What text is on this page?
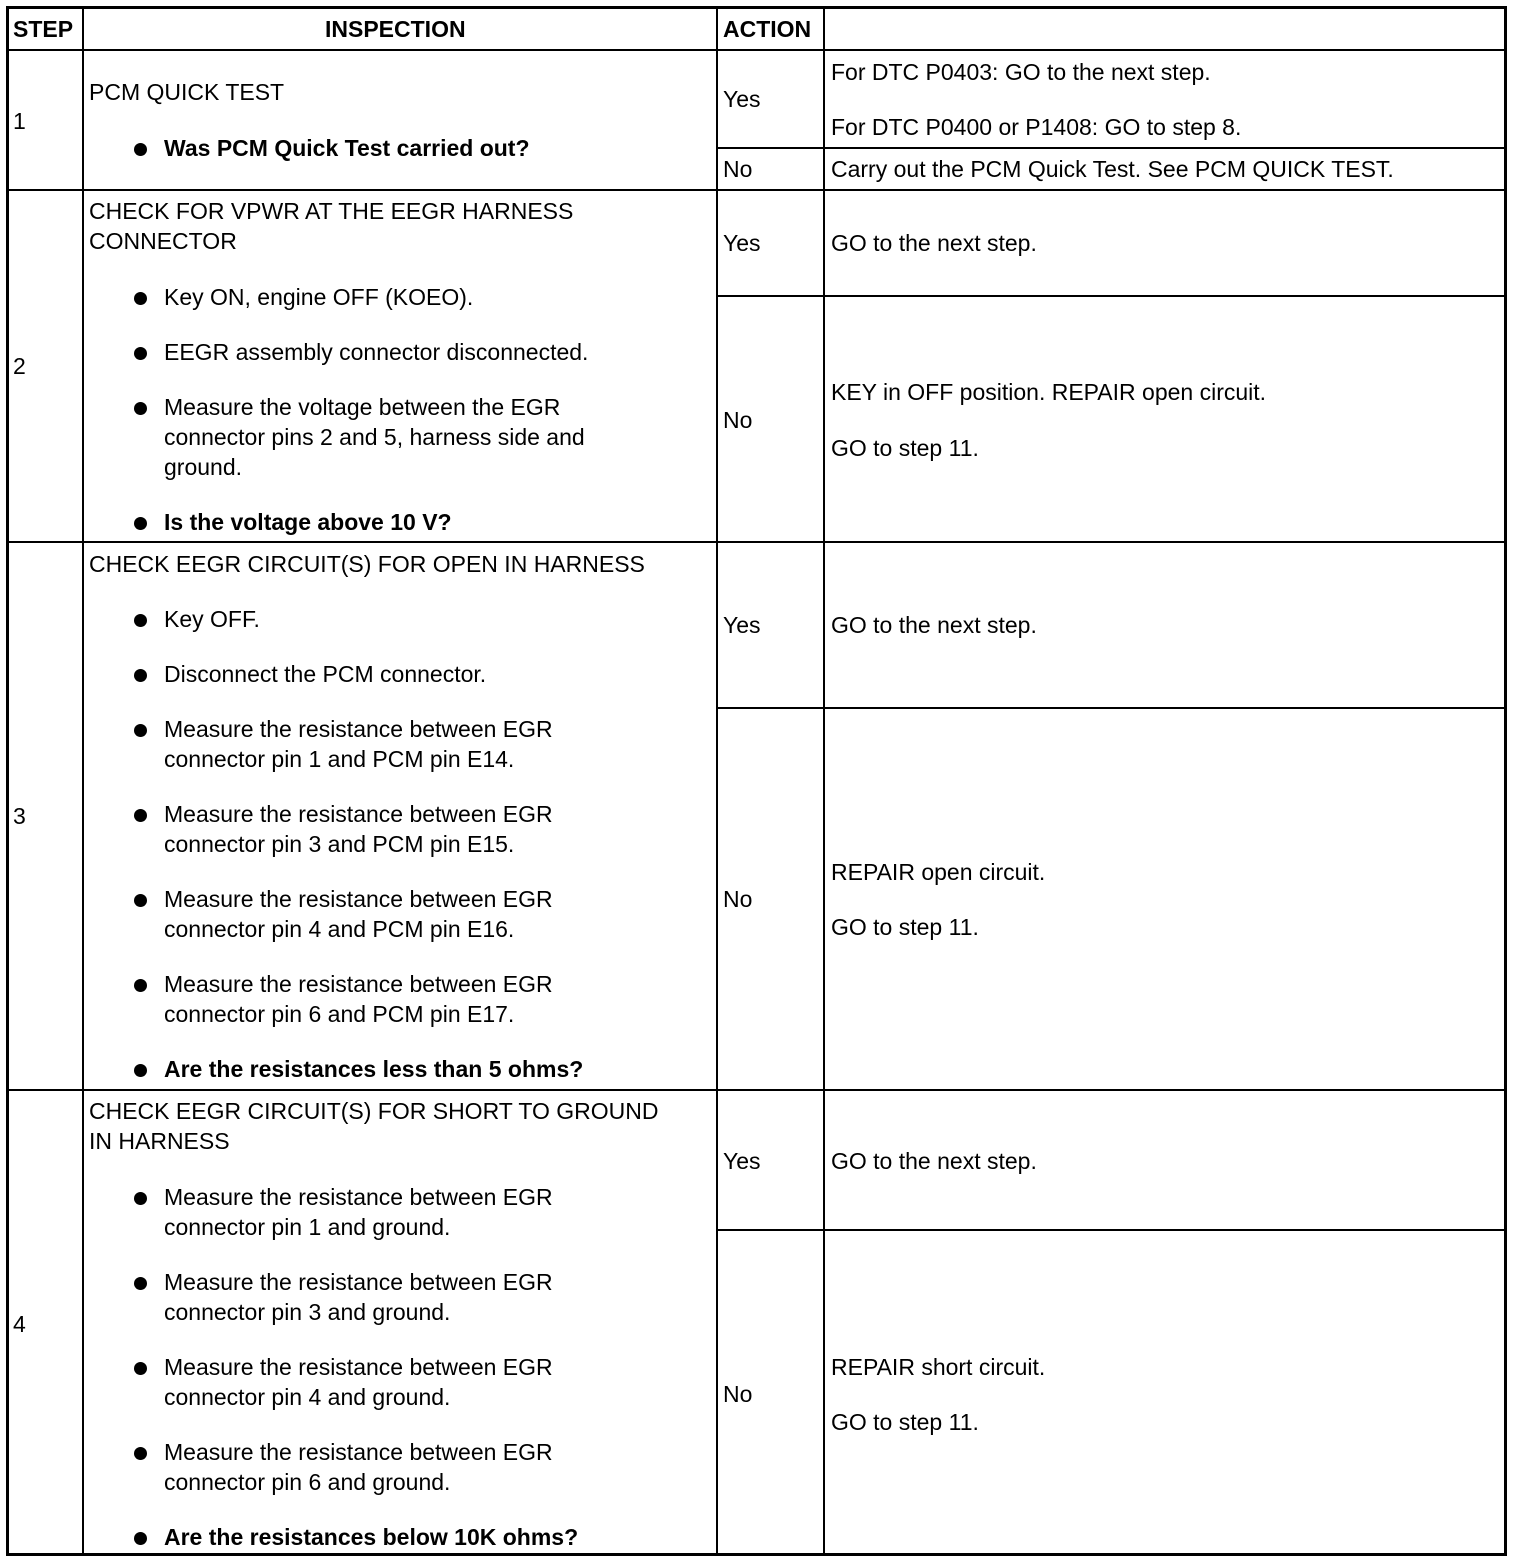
STEP	INSPECTION	ACTION
1
PCM QUICK TEST
Was PCM Quick Test carried out?
Yes
For DTC P0403: GO to the next step.
For DTC P0400 or P1408: GO to step 8.
No	Carry out the PCM Quick Test. See PCM QUICK TEST.
2
CHECK FOR VPWR AT THE EEGR HARNESS
CONNECTOR
Key ON, engine OFF (KOEO).
EEGR assembly connector disconnected.
Measure the voltage between the EGR
connector pins 2 and 5, harness side and
ground.
Is the voltage above 10 V?
Yes	GO to the next step.
No
KEY in OFF position. REPAIR open circuit.
GO to step 11.
3
CHECK EEGR CIRCUIT(S) FOR OPEN IN HARNESS
Key OFF.
Disconnect the PCM connector.
Measure the resistance between EGR
connector pin 1 and PCM pin E14.
Measure the resistance between EGR
connector pin 3 and PCM pin E15.
Measure the resistance between EGR
connector pin 4 and PCM pin E16.
Measure the resistance between EGR
connector pin 6 and PCM pin E17.
Are the resistances less than 5 ohms?
Yes	GO to the next step.
No
REPAIR open circuit.
GO to step 11.
4
CHECK EEGR CIRCUIT(S) FOR SHORT TO GROUND
IN HARNESS
Measure the resistance between EGR
connector pin 1 and ground.
Measure the resistance between EGR
connector pin 3 and ground.
Measure the resistance between EGR
connector pin 4 and ground.
Measure the resistance between EGR
connector pin 6 and ground.
Are the resistances below 10K ohms?
Yes	GO to the next step.
No
REPAIR short circuit.
GO to step 11.
